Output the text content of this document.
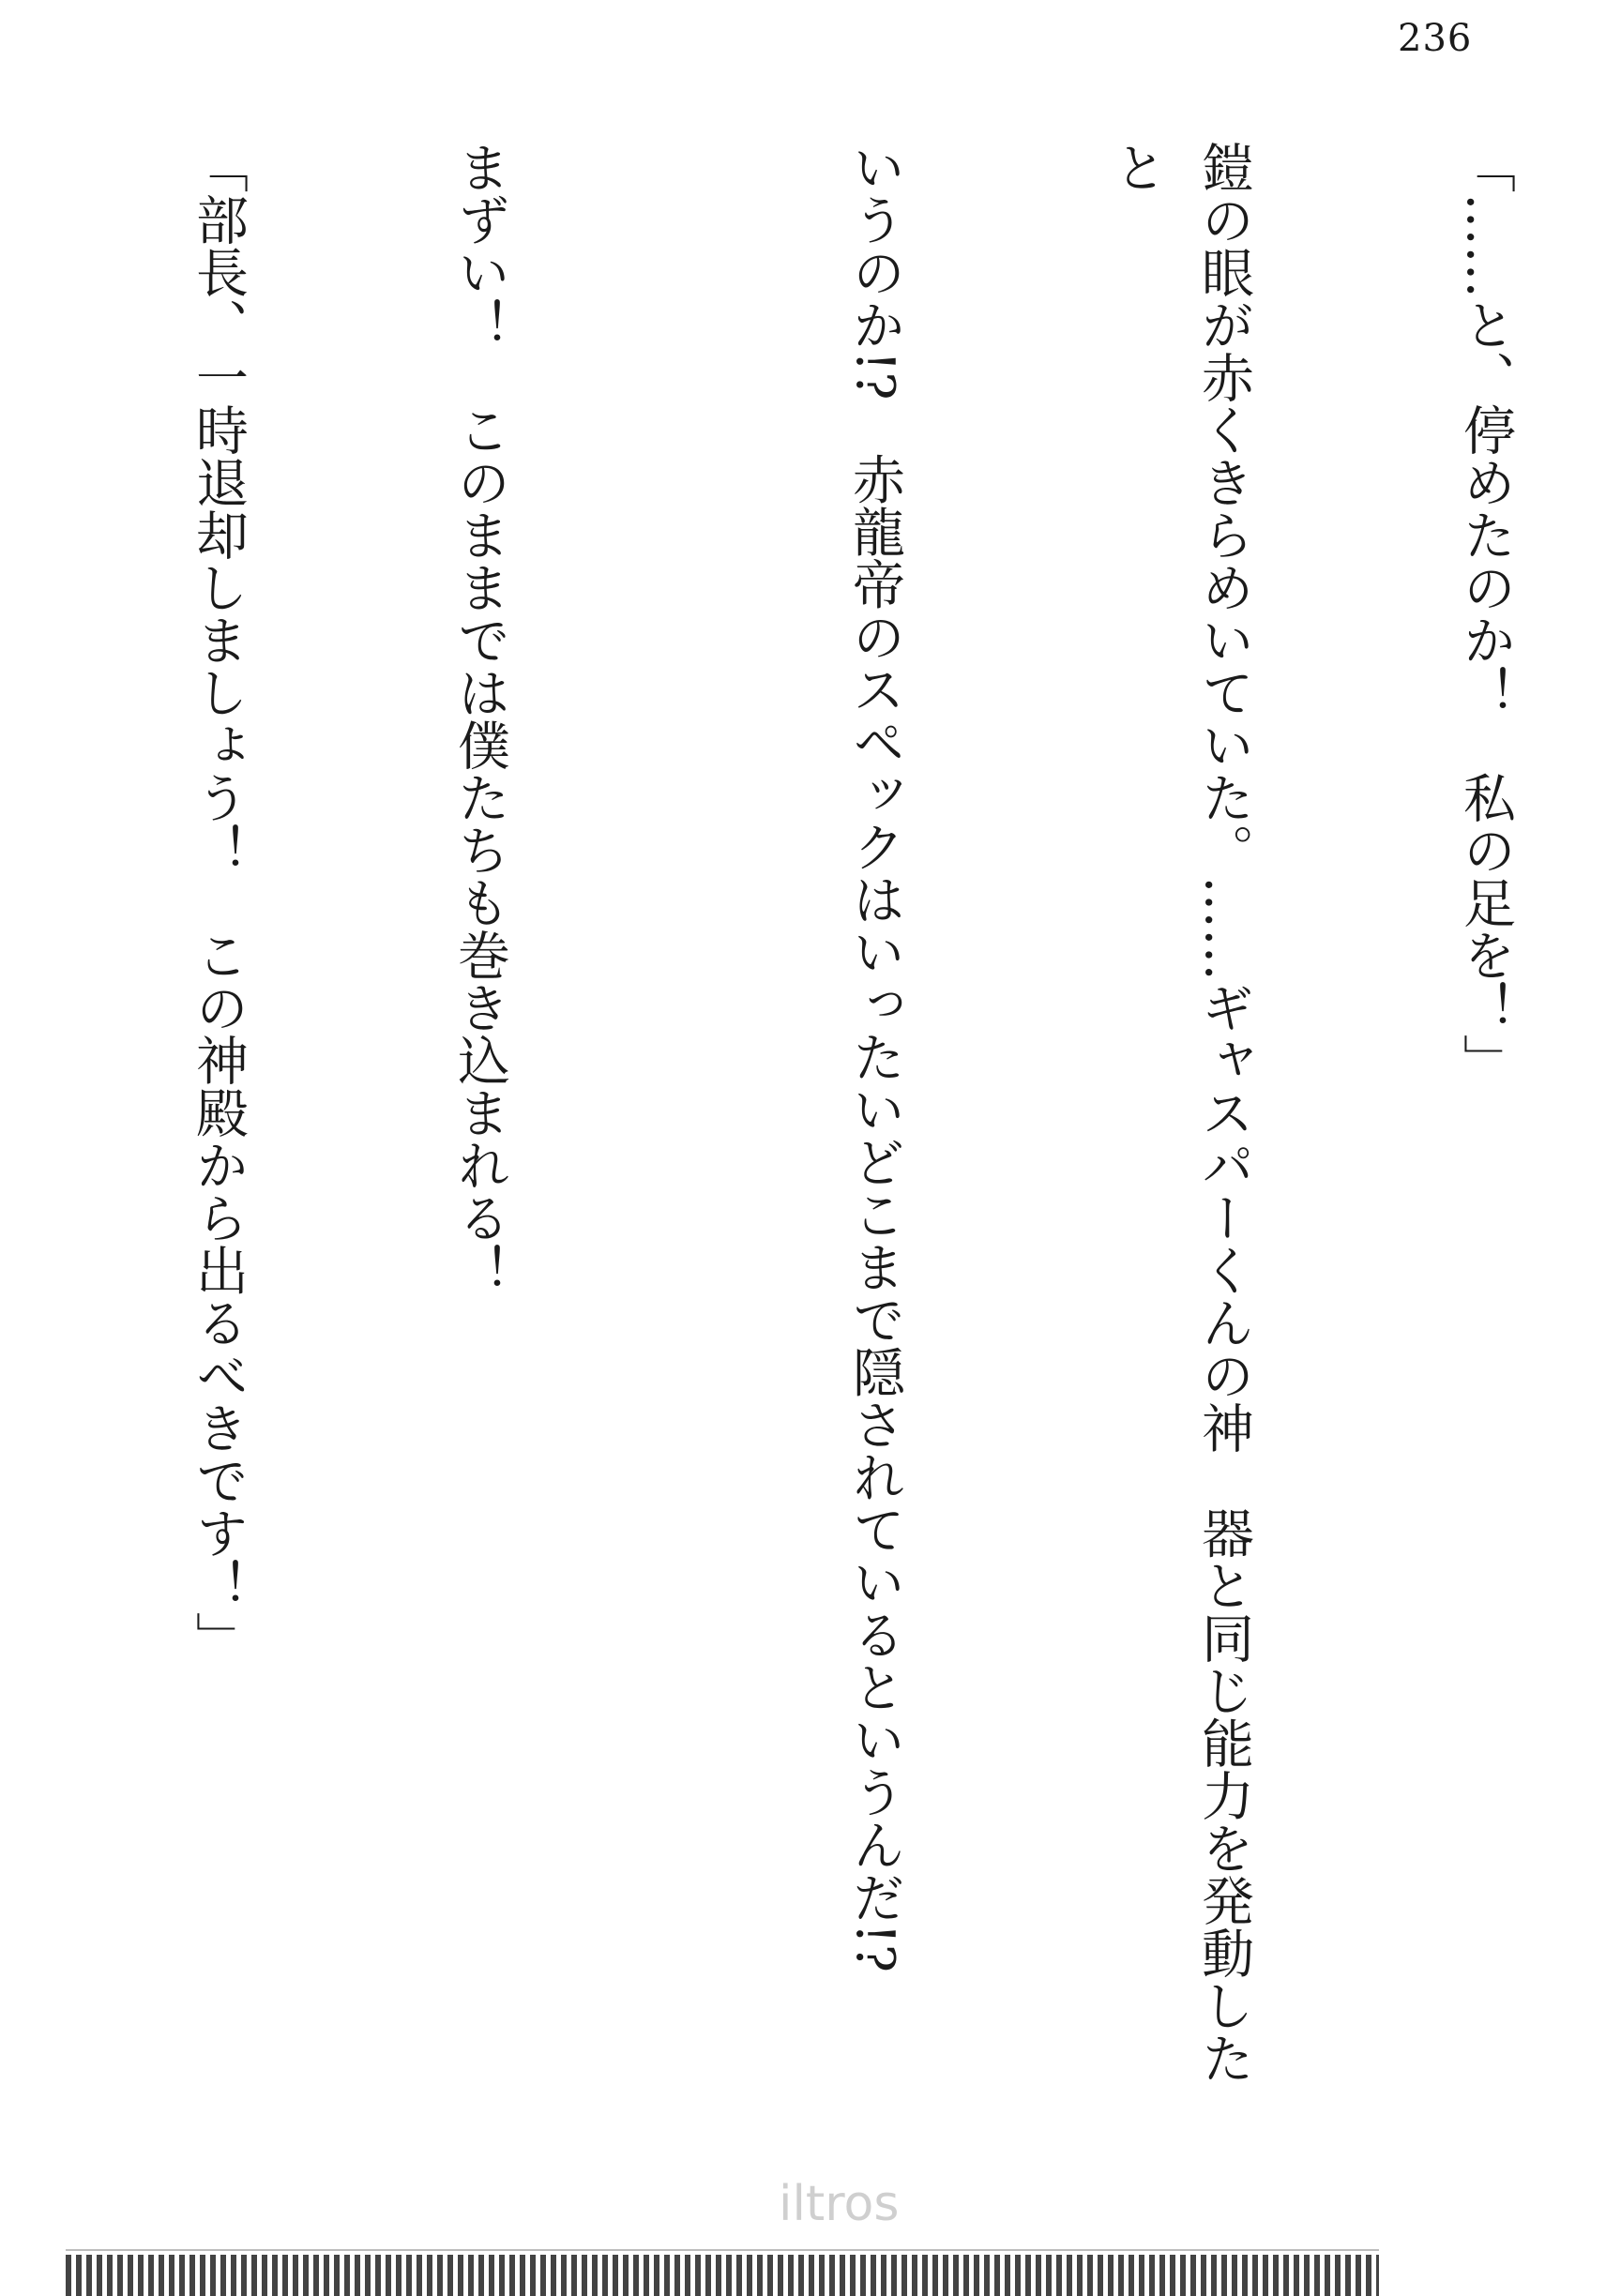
236

「……と、停めたのか！　私の足を！」

鎧の眼が赤くきらめいていた。……ギャスパーくんの神　器と同じ能力を発動したと

いうのか!?　赤龍帝のスペックはいったいどこまで隠されているというんだ!?

まずい！　このままでは僕たちも巻き込まれる！

「部長、一時退却しましょう！　この神殿から出るべきです！」

iltros
